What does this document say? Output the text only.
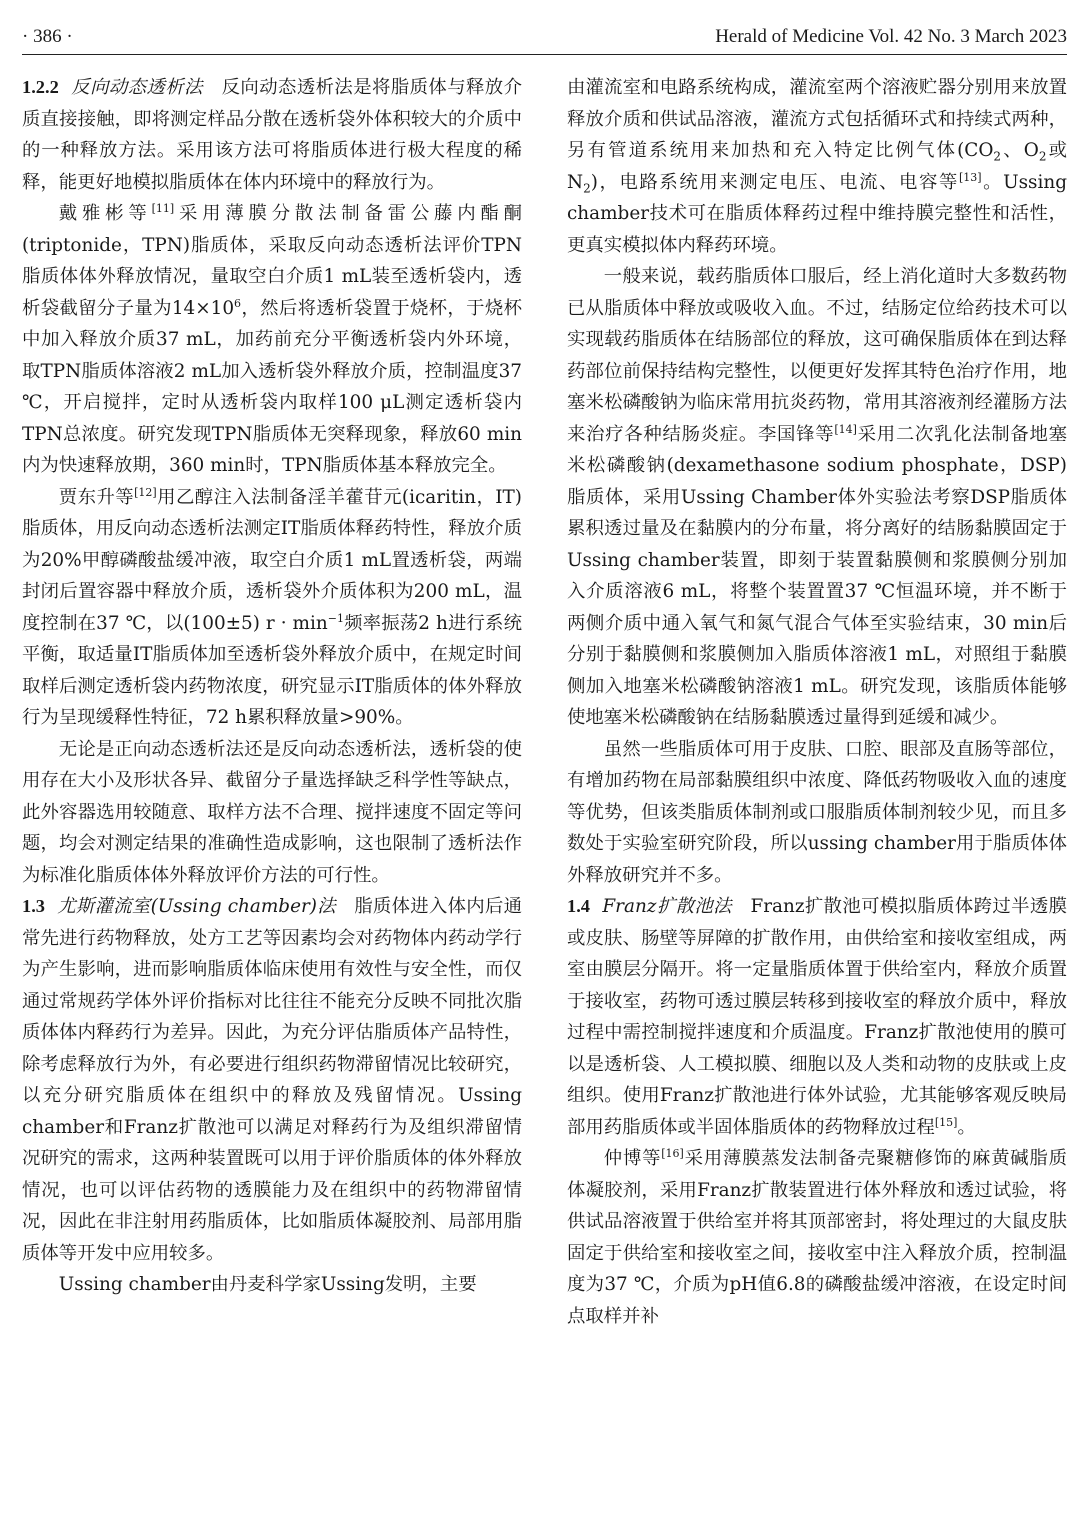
· 386 ·	Herald of Medicine Vol. 42 No. 3 March 2023

1.2.2 反向动态透析法 反向动态透析法是将脂质体与释放介质直接接触，即将测定样品分散在透析袋外体积较大的介质中的一种释放方法。采用该方法可将脂质体进行极大程度的稀释，能更好地模拟脂质体在体内环境中的释放行为。

戴雅彬等[11]采用薄膜分散法制备雷公藤内酯酮(triptonide，TPN)脂质体，采取反向动态透析法评价TPN脂质体体外释放情况，量取空白介质1 mL装至透析袋内，透析袋截留分子量为$14\times 10^6$，然后将透析袋置于烧杯，于烧杯中加入释放介质37 mL，加药前充分平衡透析袋内外环境，取TPN脂质体溶液2 mL加入透析袋外释放介质，控制温度37 ℃，开启搅拌，定时从透析袋内取样100 μL测定透析袋内TPN总浓度。研究发现TPN脂质体无突释现象，释放60 min内为快速释放期，360 min时，TPN脂质体基本释放完全。

贾东升等[12]用乙醇注入法制备淫羊藿苷元(icaritin，IT)脂质体，用反向动态透析法测定IT脂质体释药特性，释放介质为20%甲醇磷酸盐缓冲液，取空白介质1 mL置透析袋，两端封闭后置容器中释放介质，透析袋外介质体积为200 mL，温度控制在37 ℃，以(100±5) $r \cdot \min^{-1}$频率振荡2 h进行系统平衡，取适量IT脂质体加至透析袋外释放介质中，在规定时间取样后测定透析袋内药物浓度，研究显示IT脂质体的体外释放行为呈现缓释性特征，72 h累积释放量>90%。

无论是正向动态透析法还是反向动态透析法，透析袋的使用存在大小及形状各异、截留分子量选择缺乏科学性等缺点，此外容器选用较随意、取样方法不合理、搅拌速度不固定等问题，均会对测定结果的准确性造成影响，这也限制了透析法作为标准化脂质体体外释放评价方法的可行性。

1.3 尤斯灌流室(Ussing chamber)法 脂质体进入体内后通常先进行药物释放，处方工艺等因素均会对药物体内药动学行为产生影响，进而影响脂质体临床使用有效性与安全性，而仅通过常规药学体外评价指标对比往往不能充分反映不同批次脂质体体内释药行为差异。因此，为充分评估脂质体产品特性，除考虑释放行为外，有必要进行组织药物滞留情况比较研究，以充分研究脂质体在组织中的释放及残留情况。Ussing chamber和Franz扩散池可以满足对释药行为及组织滞留情况研究的需求，这两种装置既可以用于评价脂质体的体外释放情况，也可以评估药物的透膜能力及在组织中的药物滞留情况，因此在非注射用药脂质体，比如脂质体凝胶剂、局部用脂质体等开发中应用较多。

Ussing chamber由丹麦科学家Ussing发明，主要

由灌流室和电路系统构成，灌流室两个溶液贮器分别用来放置释放介质和供试品溶液，灌流方式包括循环式和持续式两种，另有管道系统用来加热和充入特定比例气体($CO_2$、$O_2$或$N_2$)，电路系统用来测定电压、电流、电容等[13]。Ussing chamber技术可在脂质体释药过程中维持膜完整性和活性，更真实模拟体内释药环境。

一般来说，载药脂质体口服后，经上消化道时大多数药物已从脂质体中释放或吸收入血。不过，结肠定位给药技术可以实现载药脂质体在结肠部位的释放，这可确保脂质体在到达释药部位前保持结构完整性，以便更好发挥其特色治疗作用，地塞米松磷酸钠为临床常用抗炎药物，常用其溶液剂经灌肠方法来治疗各种结肠炎症。李国锋等[14]采用二次乳化法制备地塞米松磷酸钠(dexamethasone sodium phosphate，DSP)脂质体，采用Ussing Chamber体外实验法考察DSP脂质体累积透过量及在黏膜内的分布量，将分离好的结肠黏膜固定于Ussing chamber装置，即刻于装置黏膜侧和浆膜侧分别加入介质溶液6 mL，将整个装置置37 ℃恒温环境，并不断于两侧介质中通入氧气和氮气混合气体至实验结束，30 min后分别于黏膜侧和浆膜侧加入脂质体溶液1 mL，对照组于黏膜侧加入地塞米松磷酸钠溶液1 mL。研究发现，该脂质体能够使地塞米松磷酸钠在结肠黏膜透过量得到延缓和减少。

虽然一些脂质体可用于皮肤、口腔、眼部及直肠等部位，有增加药物在局部黏膜组织中浓度、降低药物吸收入血的速度等优势，但该类脂质体制剂或口服脂质体制剂较少见，而且多数处于实验室研究阶段，所以ussing chamber用于脂质体体外释放研究并不多。

1.4 Franz扩散池法 Franz扩散池可模拟脂质体跨过半透膜或皮肤、肠壁等屏障的扩散作用，由供给室和接收室组成，两室由膜层分隔开。将一定量脂质体置于供给室内，释放介质置于接收室，药物可透过膜层转移到接收室的释放介质中，释放过程中需控制搅拌速度和介质温度。Franz扩散池使用的膜可以是透析袋、人工模拟膜、细胞以及人类和动物的皮肤或上皮组织。使用Franz扩散池进行体外试验，尤其能够客观反映局部用药脂质体或半固体脂质体的药物释放过程[15]。

仲博等[16]采用薄膜蒸发法制备壳聚糖修饰的麻黄碱脂质体凝胶剂，采用Franz扩散装置进行体外释放和透过试验，将供试品溶液置于供给室并将其顶部密封，将处理过的大鼠皮肤固定于供给室和接收室之间，接收室中注入释放介质，控制温度为37 ℃，介质为pH值6.8的磷酸盐缓冲溶液，在设定时间点取样并补
